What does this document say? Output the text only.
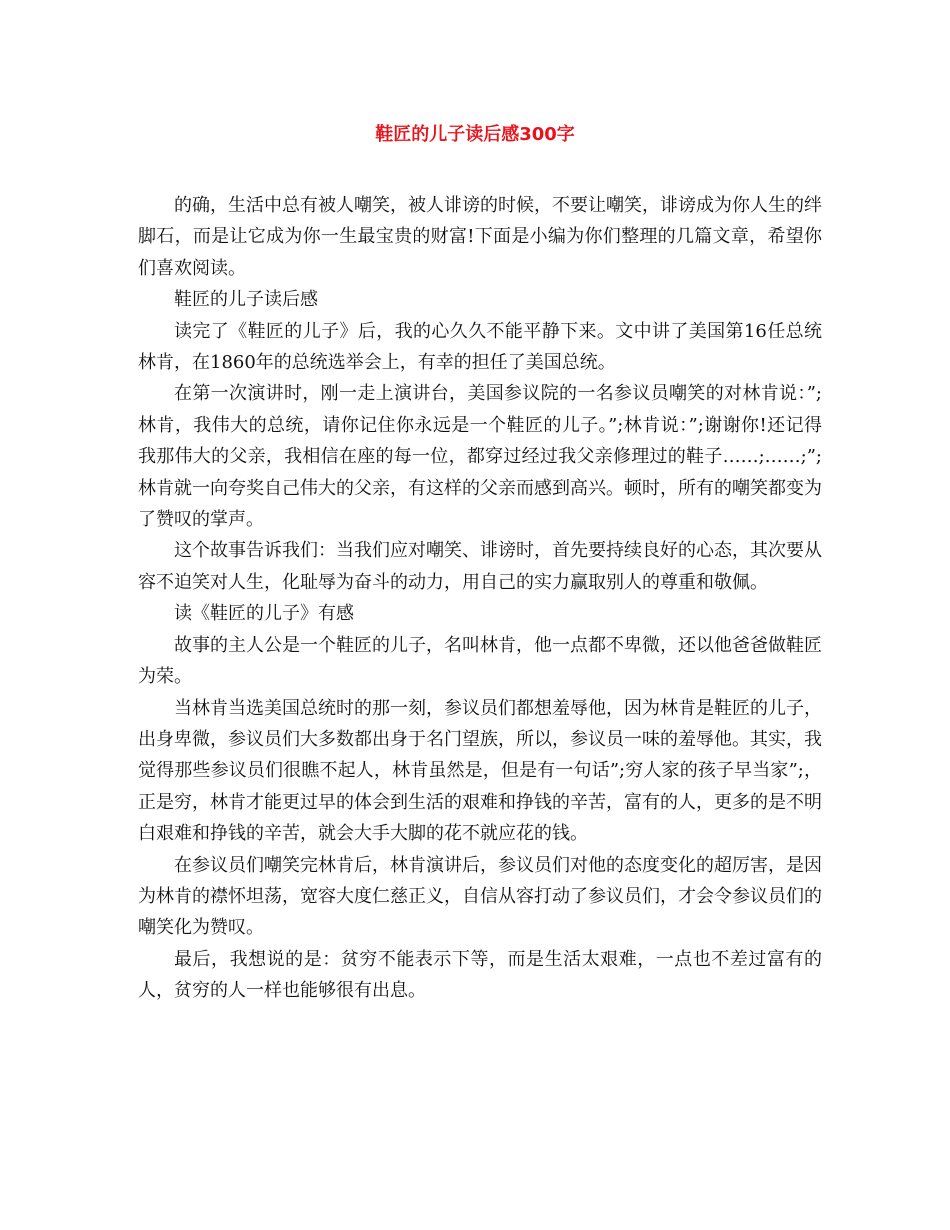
鞋匠的儿子读后感300字

的确，生活中总有被人嘲笑，被人诽谤的时候，不要让嘲笑，诽谤成为你人生的绊脚石，而是让它成为你一生最宝贵的财富!下面是小编为你们整理的几篇文章，希望你们喜欢阅读。

鞋匠的儿子读后感

读完了《鞋匠的儿子》后，我的心久久不能平静下来。文中讲了美国第16任总统林肯，在1860年的总统选举会上，有幸的担任了美国总统。

在第一次演讲时，刚一走上演讲台，美国参议院的一名参议员嘲笑的对林肯说：”;林肯，我伟大的总统，请你记住你永远是一个鞋匠的儿子。”;林肯说：”;谢谢你!还记得我那伟大的父亲，我相信在座的每一位，都穿过经过我父亲修理过的鞋子……;……;”;林肯就一向夸奖自己伟大的父亲，有这样的父亲而感到高兴。顿时，所有的嘲笑都变为了赞叹的掌声。

这个故事告诉我们：当我们应对嘲笑、诽谤时，首先要持续良好的心态，其次要从容不迫笑对人生，化耻辱为奋斗的动力，用自己的实力赢取别人的尊重和敬佩。

读《鞋匠的儿子》有感

故事的主人公是一个鞋匠的儿子，名叫林肯，他一点都不卑微，还以他爸爸做鞋匠为荣。

当林肯当选美国总统时的那一刻，参议员们都想羞辱他，因为林肯是鞋匠的儿子，出身卑微，参议员们大多数都出身于名门望族，所以，参议员一味的羞辱他。其实，我觉得那些参议员们很瞧不起人，林肯虽然是，但是有一句话”;穷人家的孩子早当家”;， 正是穷，林肯才能更过早的体会到生活的艰难和挣钱的辛苦，富有的人，更多的是不明白艰难和挣钱的辛苦，就会大手大脚的花不就应花的钱。

在参议员们嘲笑完林肯后，林肯演讲后，参议员们对他的态度变化的超厉害，是因为林肯的襟怀坦荡，宽容大度仁慈正义，自信从容打动了参议员们，才会令参议员们的嘲笑化为赞叹。

最后，我想说的是：贫穷不能表示下等，而是生活太艰难，一点也不差过富有的人，贫穷的人一样也能够很有出息。
